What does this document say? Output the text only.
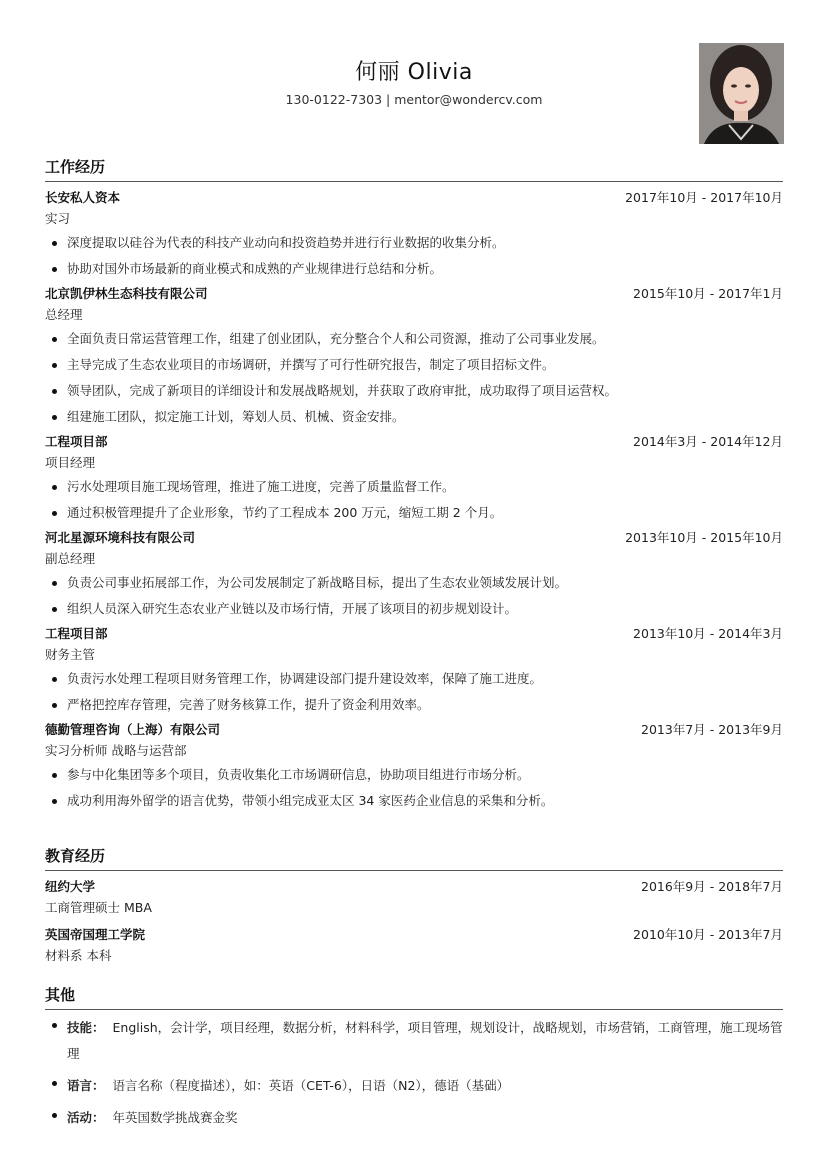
何丽 Olivia
130-0122-7303 | mentor@wondercv.com
工作经历
长安私人资本	2017年10月 - 2017年10月
实习
深度提取以硅谷为代表的科技产业动向和投资趋势并进行行业数据的收集分析。
协助对国外市场最新的商业模式和成熟的产业规律进行总结和分析。
北京凯伊林生态科技有限公司	2015年10月 - 2017年1月
总经理
全面负责日常运营管理工作，组建了创业团队，充分整合个人和公司资源，推动了公司事业发展。
主导完成了生态农业项目的市场调研，并撰写了可行性研究报告，制定了项目招标文件。
领导团队，完成了新项目的详细设计和发展战略规划，并获取了政府审批，成功取得了项目运营权。
组建施工团队，拟定施工计划，筹划人员、机械、资金安排。
工程项目部	2014年3月 - 2014年12月
项目经理
污水处理项目施工现场管理，推进了施工进度，完善了质量监督工作。
通过积极管理提升了企业形象，节约了工程成本 200 万元，缩短工期 2 个月。
河北星源环境科技有限公司	2013年10月 - 2015年10月
副总经理
负责公司事业拓展部工作，为公司发展制定了新战略目标，提出了生态农业领域发展计划。
组织人员深入研究生态农业产业链以及市场行情，开展了该项目的初步规划设计。
工程项目部	2013年10月 - 2014年3月
财务主管
负责污水处理工程项目财务管理工作，协调建设部门提升建设效率，保障了施工进度。
严格把控库存管理，完善了财务核算工作，提升了资金利用效率。
德勤管理咨询（上海）有限公司	2013年7月 - 2013年9月
实习分析师 战略与运营部
参与中化集团等多个项目，负责收集化工市场调研信息，协助项目组进行市场分析。
成功利用海外留学的语言优势，带领小组完成亚太区 34 家医药企业信息的采集和分析。
教育经历
纽约大学	2016年9月 - 2018年7月
工商管理硕士 MBA
英国帝国理工学院	2010年10月 - 2013年7月
材料系 本科
其他
技能： English，会计学，项目经理，数据分析，材料科学，项目管理，规划设计，战略规划，市场营销，工商管理，施工现场管理
语言： 语言名称（程度描述），如：英语（CET-6），日语（N2），德语（基础）
活动： 年英国数学挑战赛金奖
